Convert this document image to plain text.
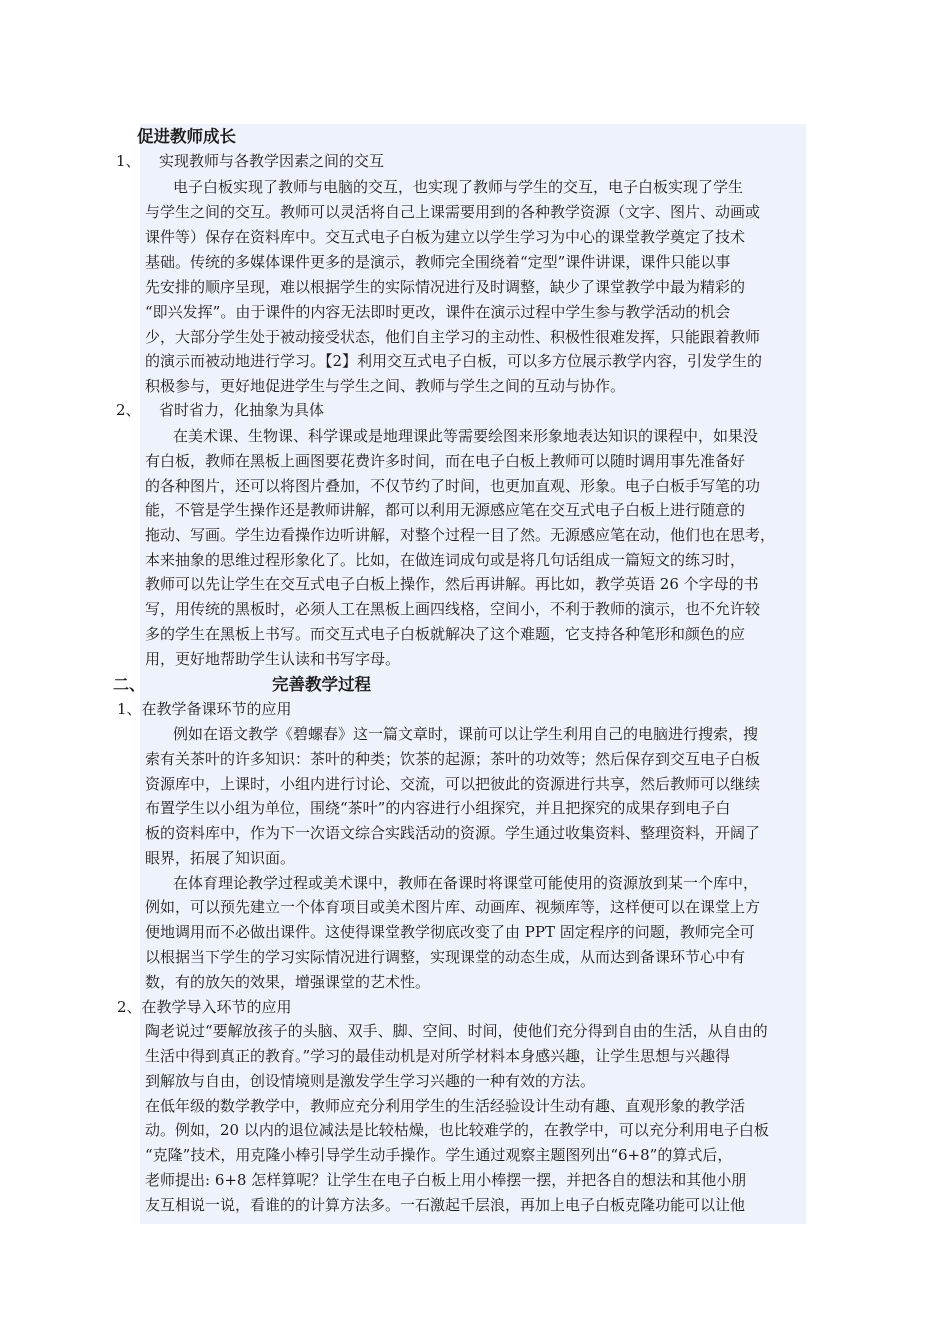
促进教师成长
1、 实现教师与各教学因素之间的交互
电子白板实现了教师与电脑的交互，也实现了教师与学生的交互，电子白板实现了学生
与学生之间的交互。教师可以灵活将自己上课需要用到的各种教学资源（文字、图片、动画或
课件等）保存在资料库中。交互式电子白板为建立以学生学习为中心的课堂教学奠定了技术
基础。传统的多媒体课件更多的是演示，教师完全围绕着“定型”课件讲课，课件只能以事
先安排的顺序呈现，难以根据学生的实际情况进行及时调整，缺少了课堂教学中最为精彩的
“即兴发挥”。由于课件的内容无法即时更改，课件在演示过程中学生参与教学活动的机会
少，大部分学生处于被动接受状态，他们自主学习的主动性、积极性很难发挥，只能跟着教师
的演示而被动地进行学习。【2】利用交互式电子白板，可以多方位展示教学内容，引发学生的
积极参与，更好地促进学生与学生之间、教师与学生之间的互动与协作。
2、 省时省力，化抽象为具体
在美术课、生物课、科学课或是地理课此等需要绘图来形象地表达知识的课程中，如果没
有白板，教师在黑板上画图要花费许多时间，而在电子白板上教师可以随时调用事先准备好
的各种图片，还可以将图片叠加，不仅节约了时间，也更加直观、形象。电子白板手写笔的功
能，不管是学生操作还是教师讲解，都可以利用无源感应笔在交互式电子白板上进行随意的
拖动、写画。学生边看操作边听讲解，对整个过程一目了然。无源感应笔在动，他们也在思考，
本来抽象的思维过程形象化了。比如，在做连词成句或是将几句话组成一篇短文的练习时，
教师可以先让学生在交互式电子白板上操作，然后再讲解。再比如，教学英语 26 个字母的书
写，用传统的黑板时，必须人工在黑板上画四线格，空间小，不利于教师的演示，也不允许较
多的学生在黑板上书写。而交互式电子白板就解决了这个难题，它支持各种笔形和颜色的应
用，更好地帮助学生认读和书写字母。
二、	完善教学过程
1、在教学备课环节的应用
例如在语文教学《碧螺春》这一篇文章时，课前可以让学生利用自己的电脑进行搜索，搜
索有关茶叶的许多知识：茶叶的种类；饮茶的起源；茶叶的功效等；然后保存到交互电子白板
资源库中，上课时，小组内进行讨论、交流，可以把彼此的资源进行共享，然后教师可以继续
布置学生以小组为单位，围绕“茶叶”的内容进行小组探究，并且把探究的成果存到电子白
板的资料库中，作为下一次语文综合实践活动的资源。学生通过收集资料、整理资料，开阔了
眼界，拓展了知识面。
在体育理论教学过程或美术课中，教师在备课时将课堂可能使用的资源放到某一个库中，
例如，可以预先建立一个体育项目或美术图片库、动画库、视频库等，这样便可以在课堂上方
便地调用而不必做出课件。这使得课堂教学彻底改变了由 PPT 固定程序的问题，教师完全可
以根据当下学生的学习实际情况进行调整，实现课堂的动态生成，从而达到备课环节心中有
数，有的放矢的效果，增强课堂的艺术性。
2、在教学导入环节的应用
陶老说过“要解放孩子的头脑、双手、脚、空间、时间，使他们充分得到自由的生活，从自由的
生活中得到真正的教育。”学习的最佳动机是对所学材料本身感兴趣，让学生思想与兴趣得
到解放与自由，创设情境则是激发学生学习兴趣的一种有效的方法。
在低年级的数学教学中，教师应充分利用学生的生活经验设计生动有趣、直观形象的教学活
动。例如，20 以内的退位减法是比较枯燥，也比较难学的，在教学中，可以充分利用电子白板
“克隆”技术，用克隆小棒引导学生动手操作。学生通过观察主题图列出“6+8”的算式后，
老师提出: 6+8 怎样算呢？让学生在电子白板上用小棒摆一摆，并把各自的想法和其他小朋
友互相说一说，看谁的的计算方法多。一石激起千层浪，再加上电子白板克隆功能可以让他
